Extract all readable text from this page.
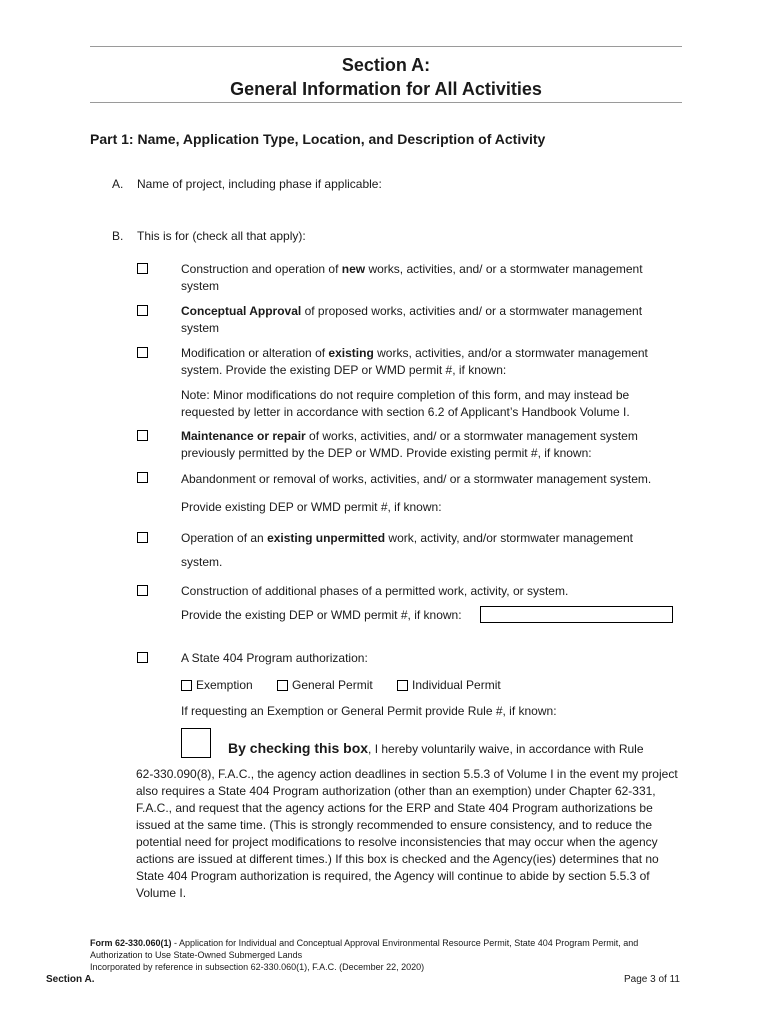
Section A:
General Information for All Activities
Part 1: Name, Application Type, Location, and Description of Activity
A. Name of project, including phase if applicable:
B. This is for (check all that apply):
Construction and operation of new works, activities, and/ or a stormwater management system
Conceptual Approval of proposed works, activities and/ or a stormwater management system
Modification or alteration of existing works, activities, and/or a stormwater management system. Provide the existing DEP or WMD permit #, if known:
Note: Minor modifications do not require completion of this form, and may instead be requested by letter in accordance with section 6.2 of Applicant’s Handbook Volume I.
Maintenance or repair of works, activities, and/ or a stormwater management system previously permitted by the DEP or WMD. Provide existing permit #, if known:
Abandonment or removal of works, activities, and/ or a stormwater management system.
Provide existing DEP or WMD permit #, if known:
Operation of an existing unpermitted work, activity, and/or stormwater management
system.
Construction of additional phases of a permitted work, activity, or system.
Provide the existing DEP or WMD permit #, if known:
A State 404 Program authorization:
Exemption	General Permit	Individual Permit
If requesting an Exemption or General Permit provide Rule #, if known:
By checking this box, I hereby voluntarily waive, in accordance with Rule
62-330.090(8), F.A.C., the agency action deadlines in section 5.5.3 of Volume I in the event my project also requires a State 404 Program authorization (other than an exemption) under Chapter 62-331, F.A.C., and request that the agency actions for the ERP and State 404 Program authorizations be issued at the same time. (This is strongly recommended to ensure consistency, and to reduce the potential need for project modifications to resolve inconsistencies that may occur when the agency actions are issued at different times.) If this box is checked and the Agency(ies) determines that no State 404 Program authorization is required, the Agency will continue to abide by section 5.5.3 of Volume I.
Form 62-330.060(1) - Application for Individual and Conceptual Approval Environmental Resource Permit, State 404 Program Permit, and Authorization to Use State-Owned Submerged Lands
Incorporated by reference in subsection 62-330.060(1), F.A.C. (December 22, 2020)
Section A.	Page 3 of 11
